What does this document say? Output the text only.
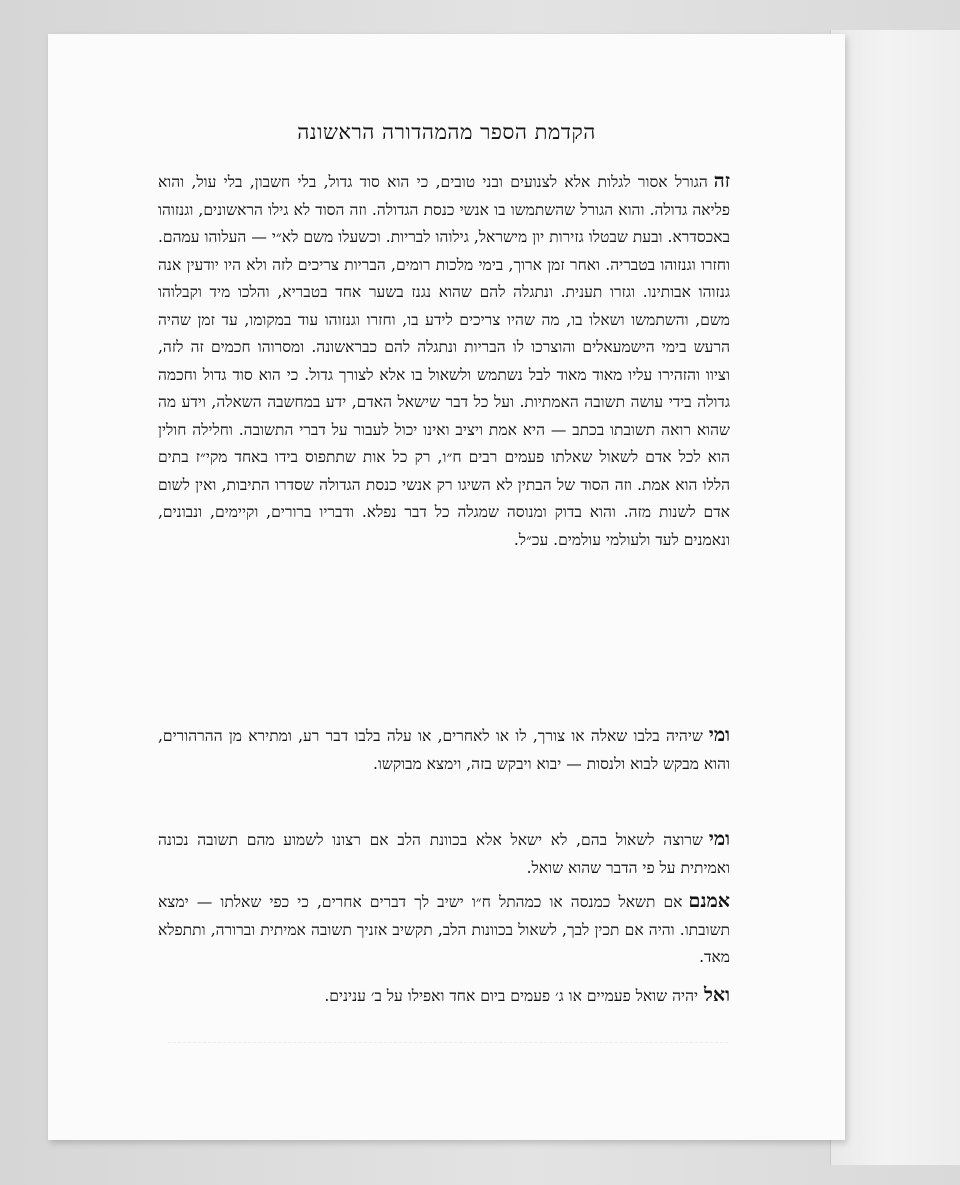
הקדמת הספר מהמהדורה הראשונה

זההגורל אסור לגלות אלא לצנועים ובני טובים, כי הוא סוד גדול, בלי חשבון, בלי עול, והוא פליאה גדולה. והוא הגורל שהשתמשו בו אנשי כנסת הגדולה. וזה הסוד לא גילו הראשונים, וגנזוהו באכסדרא. ובעת שבטלו גזירות יון מישראל, גילוהו לבריות. וכשעלו משם לא״י — העלוהו עמהם. וחזרו וגנזוהו בטבריה. ואחר זמן ארוך, בימי מלכות רומים, הבריות צריכים לזה ולא היו יודעין אנה גנזוהו אבותינו. וגזרו תענית. ונתגלה להם שהוא נגנז בשער אחד בטבריא, והלכו מיד וקבלוהו משם, והשתמשו ושאלו בו, מה שהיו צריכים לידע בו, וחזרו וגנזוהו עוד במקומו, עד זמן שהיה הרעש בימי הישמעאלים והוצרכו לו הבריות ונתגלה להם כבראשונה. ומסרוהו חכמים זה לזה, וציוו והזהירו עליו מאוד מאוד לבל נשתמש ולשאול בו אלא לצורך גדול. כי הוא סוד גדול וחכמה גדולה בידי עושה תשובה האמתיות. ועל כל דבר שישאל האדם, ידע במחשבה השאלה, וידע מה שהוא רואה תשובתו בכתב — היא אמת ויציב ואינו יכול לעבור על דברי התשובה. וחלילה חולין הוא לכל אדם לשאול שאלתו פעמים רבים ח״ו, רק כל אות שתתפוס בידו באחד מקי״ז בתים הללו הוא אמת. וזה הסוד של הבתין לא השיגו רק אנשי כנסת הגדולה שסדרו התיבות, ואין לשום אדם לשנות מזה. והוא בדוק ומנוסה שמגלה כל דבר נפלא. ודבריו ברורים, וקיימים, ונבונים, ונאמנים לעד ולעולמי עולמים. עכ״ל.

ומישיהיה בלבו שאלה או צורך, לו או לאחרים, או עלה בלבו דבר רע, ומתירא מן ההרהורים, והוא מבקש לבוא ולנסות — יבוא ויבקש בזה, וימצא מבוקשו.

ומישרוצה לשאול בהם, לא ישאל אלא בכוונת הלב אם רצונו לשמוע מהם תשובה נכונה ואמיתית על פי הדבר שהוא שואל.

אמנםאם תשאל כמנסה או כמהתל ח״ו ישיב לך דברים אחרים, כי כפי שאלתו — ימצא תשובתו. והיה אם תכין לבך, לשאול בכוונות הלב, תקשיב אזניך תשובה אמיתית וברורה, ותתפלא מאד.

ואליהיה שואל פעמיים או ג׳ פעמים ביום אחד ואפילו על ב׳ ענינים.
